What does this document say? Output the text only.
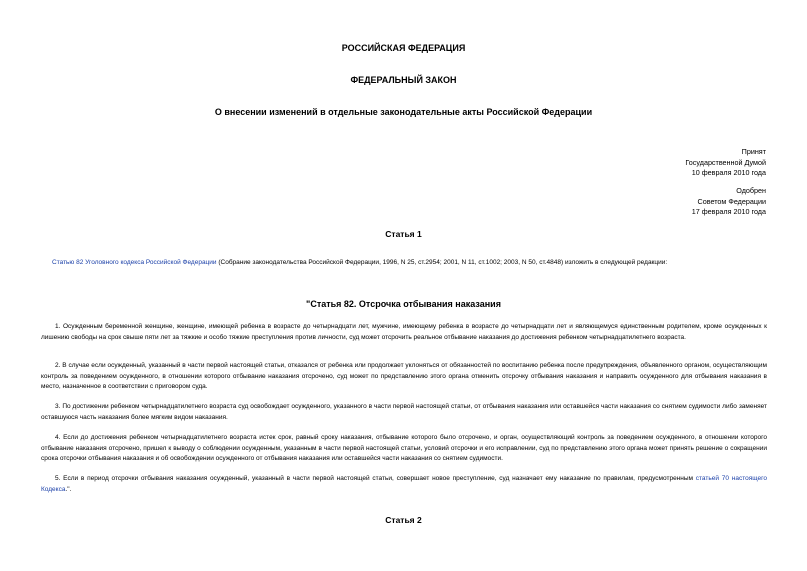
РОССИЙСКАЯ ФЕДЕРАЦИЯ
ФЕДЕРАЛЬНЫЙ ЗАКОН
О внесении изменений в отдельные законодательные акты Российской Федерации
Принят
Государственной Думой
10 февраля 2010 года
Одобрен
Советом Федерации
17 февраля 2010 года
Статья 1
Статью 82 Уголовного кодекса Российской Федерации (Собрание законодательства Российской Федерации, 1996, N 25, ст.2954; 2001, N 11, ст.1002; 2003, N 50, ст.4848) изложить в следующей редакции:
"Статья 82. Отсрочка отбывания наказания
1. Осужденным беременной женщине, женщине, имеющей ребенка в возрасте до четырнадцати лет, мужчине, имеющему ребенка в возрасте до четырнадцати лет и являющемуся единственным родителем, кроме осужденных к лишению свободы на срок свыше пяти лет за тяжкие и особо тяжкие преступления против личности, суд может отсрочить реальное отбывание наказания до достижения ребенком четырнадцатилетнего возраста.
2. В случае если осужденный, указанный в части первой настоящей статьи, отказался от ребенка или продолжает уклоняться от обязанностей по воспитанию ребенка после предупреждения, объявленного органом, осуществляющим контроль за поведением осужденного, в отношении которого отбывание наказания отсрочено, суд может по представлению этого органа отменить отсрочку отбывания наказания и направить осужденного для отбывания наказания в место, назначенное в соответствии с приговором суда.
3. По достижении ребенком четырнадцатилетнего возраста суд освобождает осужденного, указанного в части первой настоящей статьи, от отбывания наказания или оставшейся части наказания со снятием судимости либо заменяет оставшуюся часть наказания более мягким видом наказания.
4. Если до достижения ребенком четырнадцатилетнего возраста истек срок, равный сроку наказания, отбывание которого было отсрочено, и орган, осуществляющий контроль за поведением осужденного, в отношении которого отбывание наказания отсрочено, пришел к выводу о соблюдении осужденным, указанным в части первой настоящей статьи, условий отсрочки и его исправлении, суд по представлению этого органа может принять решение о сокращении срока отсрочки отбывания наказания и об освобождении осужденного от отбывания наказания или оставшейся части наказания со снятием судимости.
5. Если в период отсрочки отбывания наказания осужденный, указанный в части первой настоящей статьи, совершает новое преступление, суд назначает ему наказание по правилам, предусмотренным статьей 70 настоящего Кодекса.".
Статья 2
